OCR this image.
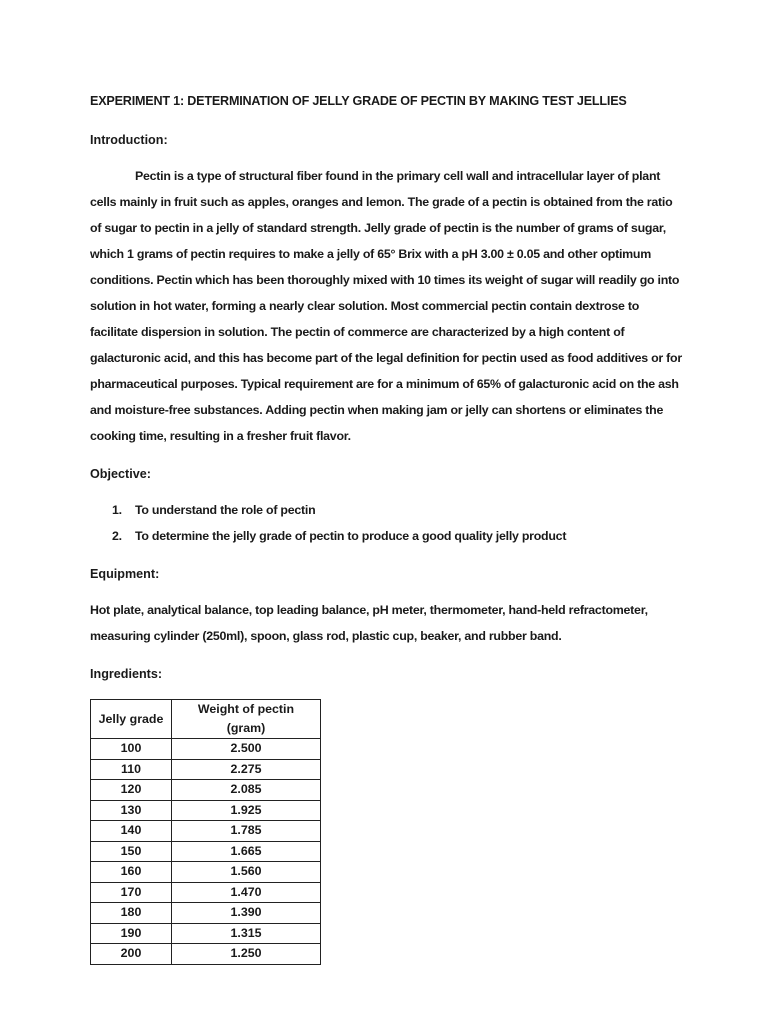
EXPERIMENT 1: DETERMINATION OF JELLY GRADE OF PECTIN BY MAKING TEST JELLIES
Introduction:
Pectin is a type of structural fiber found in the primary cell wall and intracellular layer of plant
cells mainly in fruit such as apples, oranges and lemon. The grade of a pectin is obtained from the ratio
of sugar to pectin in a jelly of standard strength. Jelly grade of pectin is the number of grams of sugar,
which 1 grams of pectin requires to make a jelly of 65° Brix with a pH 3.00 ± 0.05 and other optimum
conditions. Pectin which has been thoroughly mixed with 10 times its weight of sugar will readily go into
solution in hot water, forming a nearly clear solution. Most commercial pectin contain dextrose to
facilitate dispersion in solution. The pectin of commerce are characterized by a high content of
galacturonic acid, and this has become part of the legal definition for pectin used as food additives or for
pharmaceutical purposes. Typical requirement are for a minimum of 65% of galacturonic acid on the ash
and moisture-free substances. Adding pectin when making jam or jelly can shortens or eliminates the
cooking time, resulting in a fresher fruit flavor.
Objective:
1. To understand the role of pectin
2. To determine the jelly grade of pectin to produce a good quality jelly product
Equipment:
Hot plate, analytical balance, top leading balance, pH meter, thermometer, hand-held refractometer,
measuring cylinder (250ml), spoon, glass rod, plastic cup, beaker, and rubber band.
Ingredients:
Jelly grade	Weight of pectin (gram)
100	2.500
110	2.275
120	2.085
130	1.925
140	1.785
150	1.665
160	1.560
170	1.470
180	1.390
190	1.315
200	1.250
